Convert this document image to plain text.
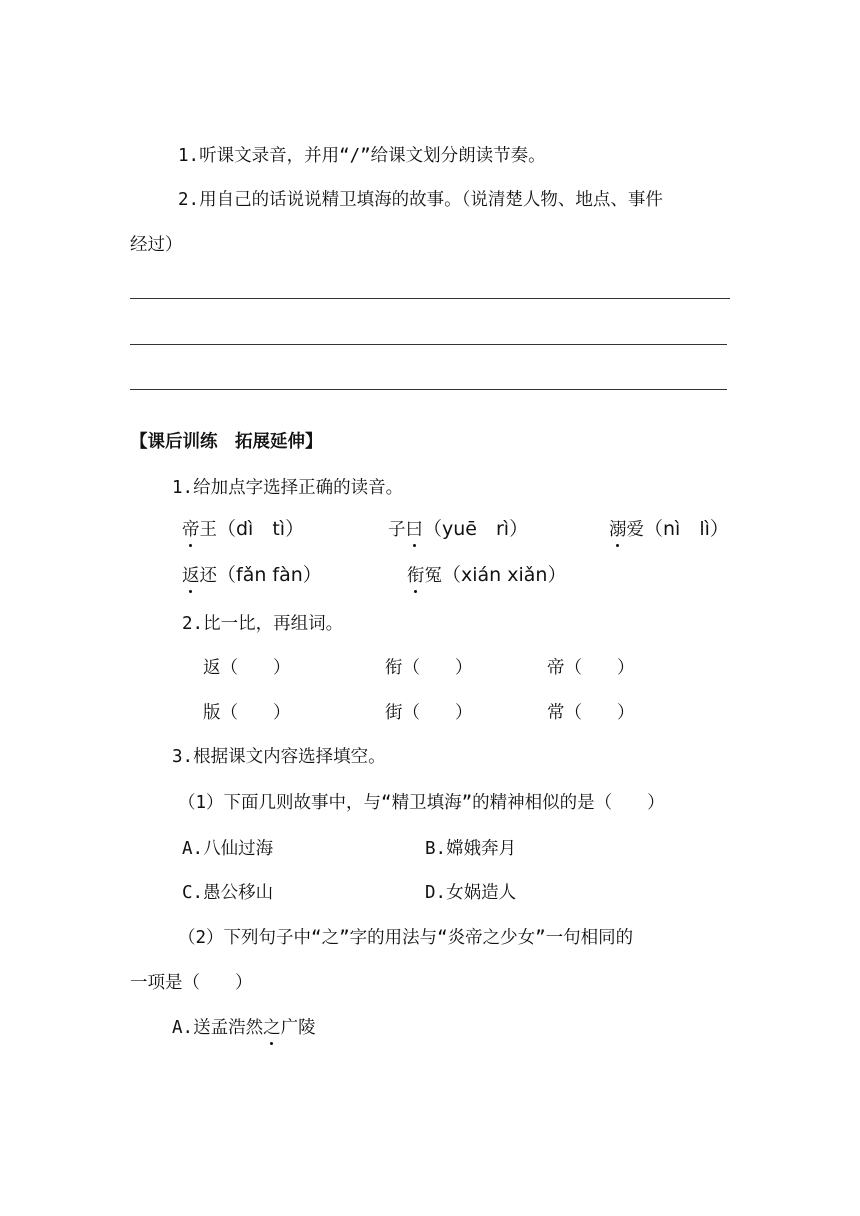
1.听课文录音，并用“/”给课文划分朗读节奏。
2.用自己的话说说精卫填海的故事。（说清楚人物、地点、事件
经过）
【课后训练　拓展延伸】
1.给加点字选择正确的读音。
帝王（dì　tì）	子曰（yuē　rì）	溺爱（nì　lì）
返还（fǎn fàn）	衔冤（xián xiǎn）
2.比一比，再组词。
返（　　）	衔（　　）	帝（　　）
版（　　）	街（　　）	常（　　）
3.根据课文内容选择填空。
（1）下面几则故事中，与“精卫填海”的精神相似的是（　　）
A.八仙过海	B.嫦娥奔月
C.愚公移山	D.女娲造人
（2）下列句子中“之”字的用法与“炎帝之少女”一句相同的
一项是（　　）
A.送孟浩然之广陵
